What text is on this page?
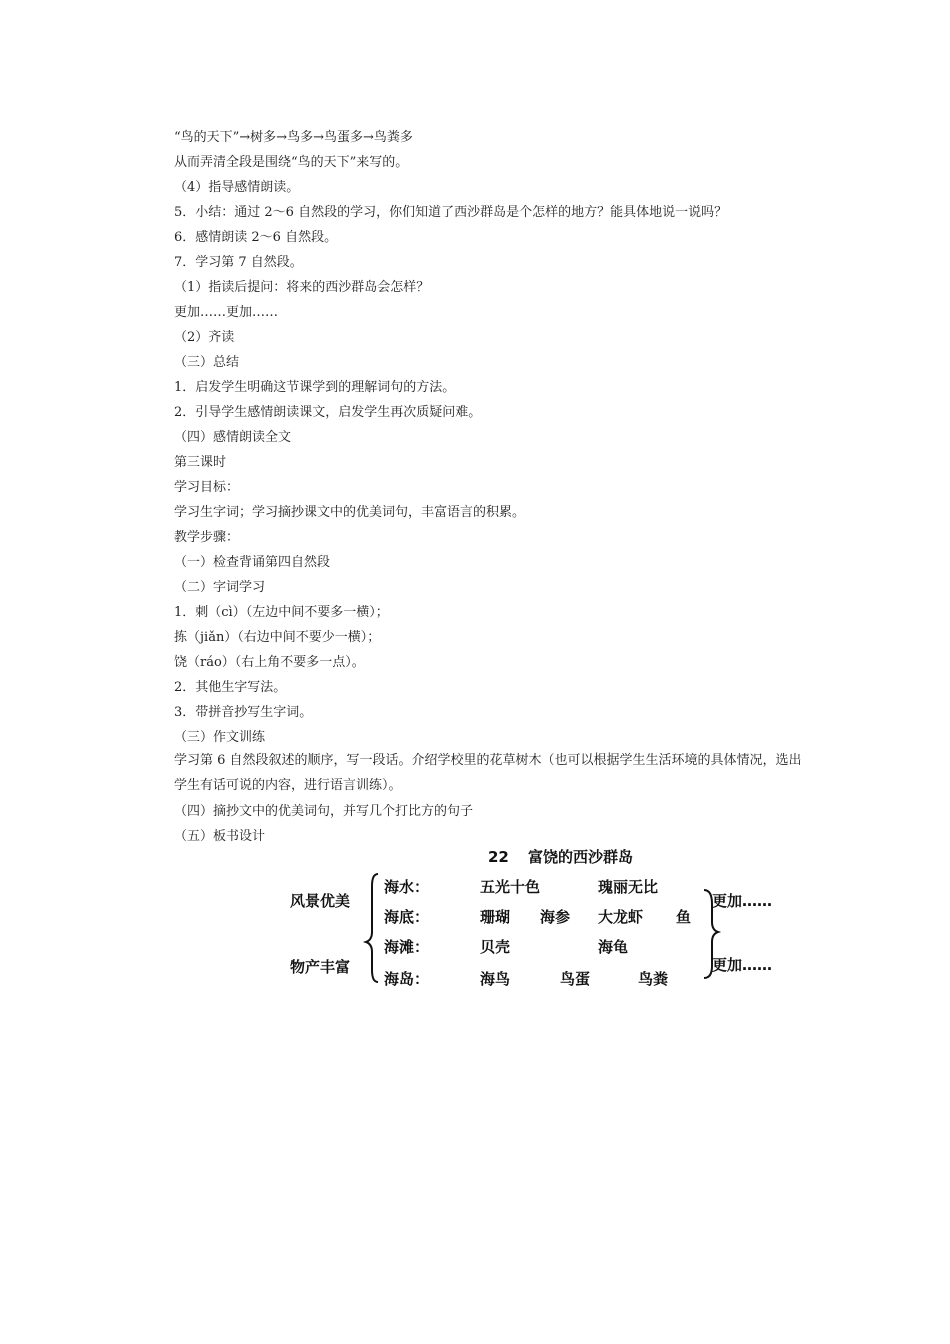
“鸟的天下”→树多→鸟多→鸟蛋多→鸟粪多
从而弄清全段是围绕“鸟的天下”来写的。
（4）指导感情朗读。
5．小结：通过 2～6 自然段的学习，你们知道了西沙群岛是个怎样的地方？能具体地说一说吗？
6．感情朗读 2～6 自然段。
7．学习第 7 自然段。
（1）指读后提问：将来的西沙群岛会怎样？
更加……更加……
（2）齐读
（三）总结
1．启发学生明确这节课学到的理解词句的方法。
2．引导学生感情朗读课文，启发学生再次质疑问难。
（四）感情朗读全文
第三课时
学习目标：
学习生字词；学习摘抄课文中的优美词句，丰富语言的积累。
教学步骤：
（一）检查背诵第四自然段
（二）字词学习
1．刺（cì）（左边中间不要多一横）；
拣（jiǎn）（右边中间不要少一横）；
饶（ráo）（右上角不要多一点）。
2．其他生字写法。
3．带拼音抄写生字词。
（三）作文训练
学习第 6 自然段叙述的顺序，写一段话。介绍学校里的花草树木（也可以根据学生生活环境的具体情况，选出学生有话可说的内容，进行语言训练）。
（四）摘抄文中的优美词句，并写几个打比方的句子
（五）板书设计
22 富饶的西沙群岛
风景优美
物产丰富
海水：	五光十色	瑰丽无比
海底：	珊瑚 海参 大龙虾 鱼
海滩：	贝壳	海龟
海岛：	海鸟	鸟蛋	鸟粪
更加……
更加……
